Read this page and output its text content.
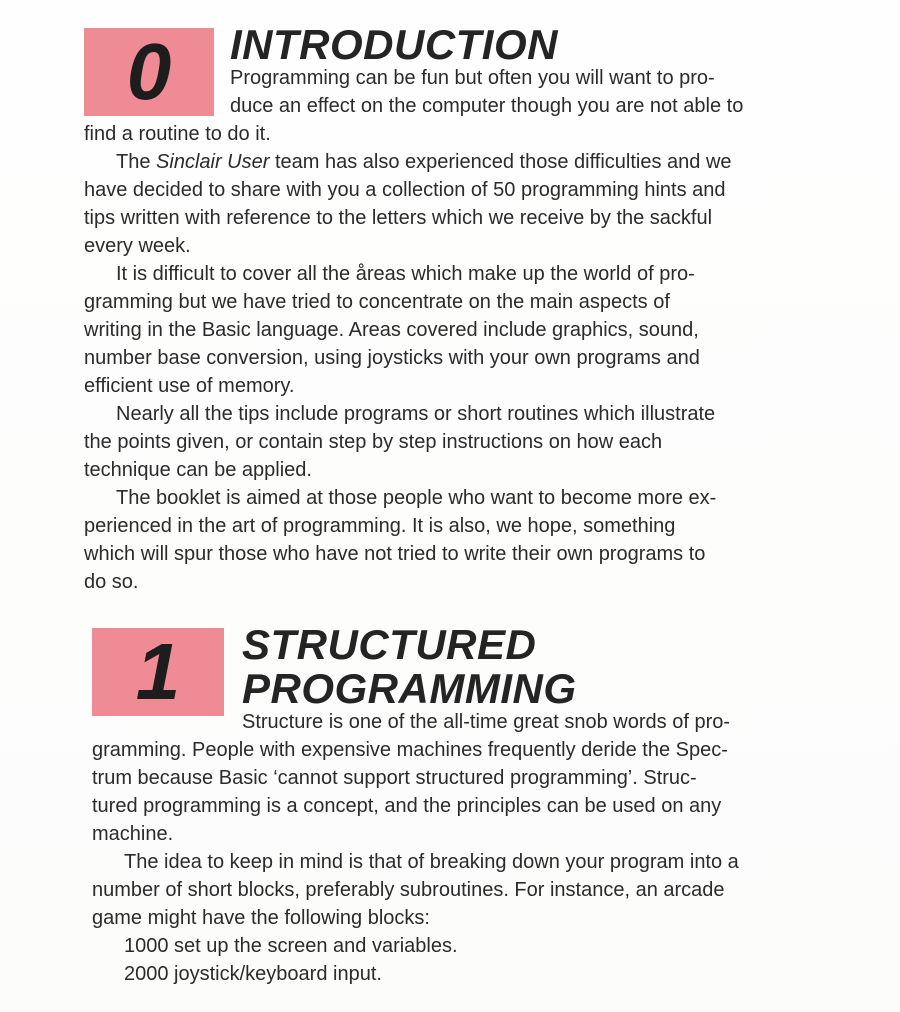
0 INTRODUCTION

Programming can be fun but often you will want to pro-

duce an effect on the computer though you are not able to

find a routine to do it.

The Sinclair User team has also experienced those difficulties and we

have decided to share with you a collection of 50 programming hints and

tips written with reference to the letters which we receive by the sackful

every week.

It is difficult to cover all the åreas which make up the world of pro-

gramming but we have tried to concentrate on the main aspects of

writing in the Basic language. Areas covered include graphics, sound,

number base conversion, using joysticks with your own programs and

efficient use of memory.

Nearly all the tips include programs or short routines which illustrate

the points given, or contain step by step instructions on how each

technique can be applied.

The booklet is aimed at those people who want to become more ex-

perienced in the art of programming. It is also, we hope, something

which will spur those who have not tried to write their own programs to

do so.

1 STRUCTURED
PROGRAMMING

Structure is one of the all-time great snob words of pro-

gramming. People with expensive machines frequently deride the Spec-

trum because Basic ‘cannot support structured programming’. Struc-

tured programming is a concept, and the principles can be used on any

machine.

The idea to keep in mind is that of breaking down your program into a

number of short blocks, preferably subroutines. For instance, an arcade

game might have the following blocks:

1000 set up the screen and variables.

2000 joystick/keyboard input.
